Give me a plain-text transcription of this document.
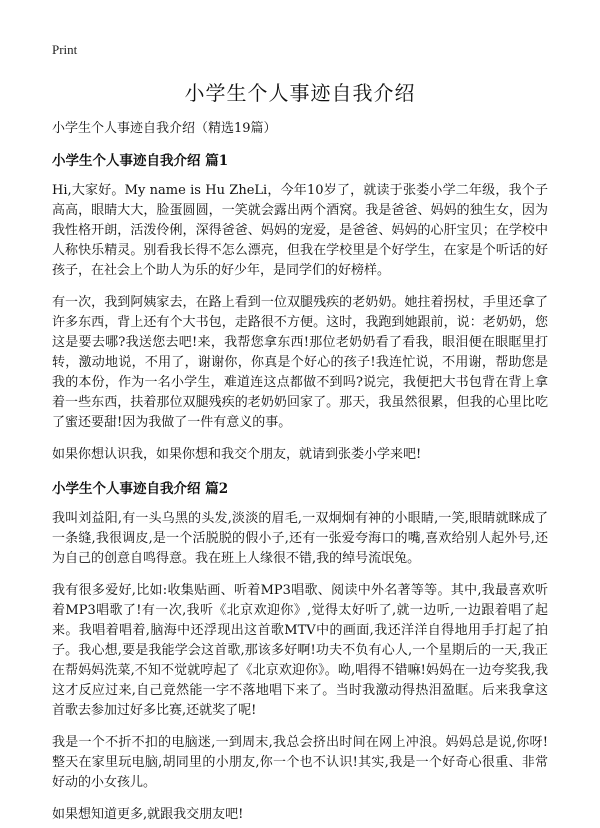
Print
小学生个人事迹自我介绍
小学生个人事迹自我介绍（精选19篇）
小学生个人事迹自我介绍 篇1

Hi,大家好。My name is Hu ZheLi，今年10岁了，就读于张娄小学二年级，我个子高高，眼睛大大，脸蛋圆圆，一笑就会露出两个酒窝。我是爸爸、妈妈的独生女，因为我性格开朗，活泼伶俐，深得爸爸、妈妈的宠爱，是爸爸、妈妈的心肝宝贝；在学校中人称快乐精灵。别看我长得不怎么漂亮，但我在学校里是个好学生，在家是个听话的好孩子，在社会上个助人为乐的好少年，是同学们的好榜样。

有一次，我到阿姨家去，在路上看到一位双腿残疾的老奶奶。她拄着拐杖，手里还拿了许多东西，背上还有个大书包，走路很不方便。这时，我跑到她跟前，说：老奶奶，您这是要去哪?我送您去吧!来，我帮您拿东西!那位老奶奶看了看我，眼泪便在眼眶里打转，激动地说，不用了，谢谢你，你真是个好心的孩子!我连忙说，不用谢，帮助您是我的本份，作为一名小学生，难道连这点都做不到吗?说完，我便把大书包背在背上拿着一些东西，扶着那位双腿残疾的老奶奶回家了。那天，我虽然很累，但我的心里比吃了蜜还要甜!因为我做了一件有意义的事。

如果你想认识我，如果你想和我交个朋友，就请到张娄小学来吧!

小学生个人事迹自我介绍 篇2

我叫刘益阳,有一头乌黑的头发,淡淡的眉毛,一双炯炯有神的小眼睛,一笑,眼睛就眯成了一条缝,我很调皮,是一个活脱脱的假小子,还有一张爱夸海口的嘴,喜欢给别人起外号,还为自己的创意自鸣得意。我在班上人缘很不错,我的绰号流氓兔。

我有很多爱好,比如:收集贴画、听着MP3唱歌、阅读中外名著等等。其中,我最喜欢听着MP3唱歌了!有一次,我听《北京欢迎你》,觉得太好听了,就一边听,一边跟着唱了起来。我唱着唱着,脑海中还浮现出这首歌MTV中的画面,我还洋洋自得地用手打起了拍子。我心想,要是我能学会这首歌,那该多好啊!功夫不负有心人,一个星期后的一天,我正在帮妈妈洗菜,不知不觉就哼起了《北京欢迎你》。呦,唱得不错嘛!妈妈在一边夸奖我,我这才反应过来,自己竟然能一字不落地唱下来了。当时我激动得热泪盈眶。后来我拿这首歌去参加过好多比赛,还就奖了呢!

我是一个不折不扣的电脑迷,一到周末,我总会挤出时间在网上冲浪。妈妈总是说,你呀!整天在家里玩电脑,胡同里的小朋友,你一个也不认识!其实,我是一个好奇心很重、非常好动的小女孩儿。

如果想知道更多,就跟我交朋友吧!
